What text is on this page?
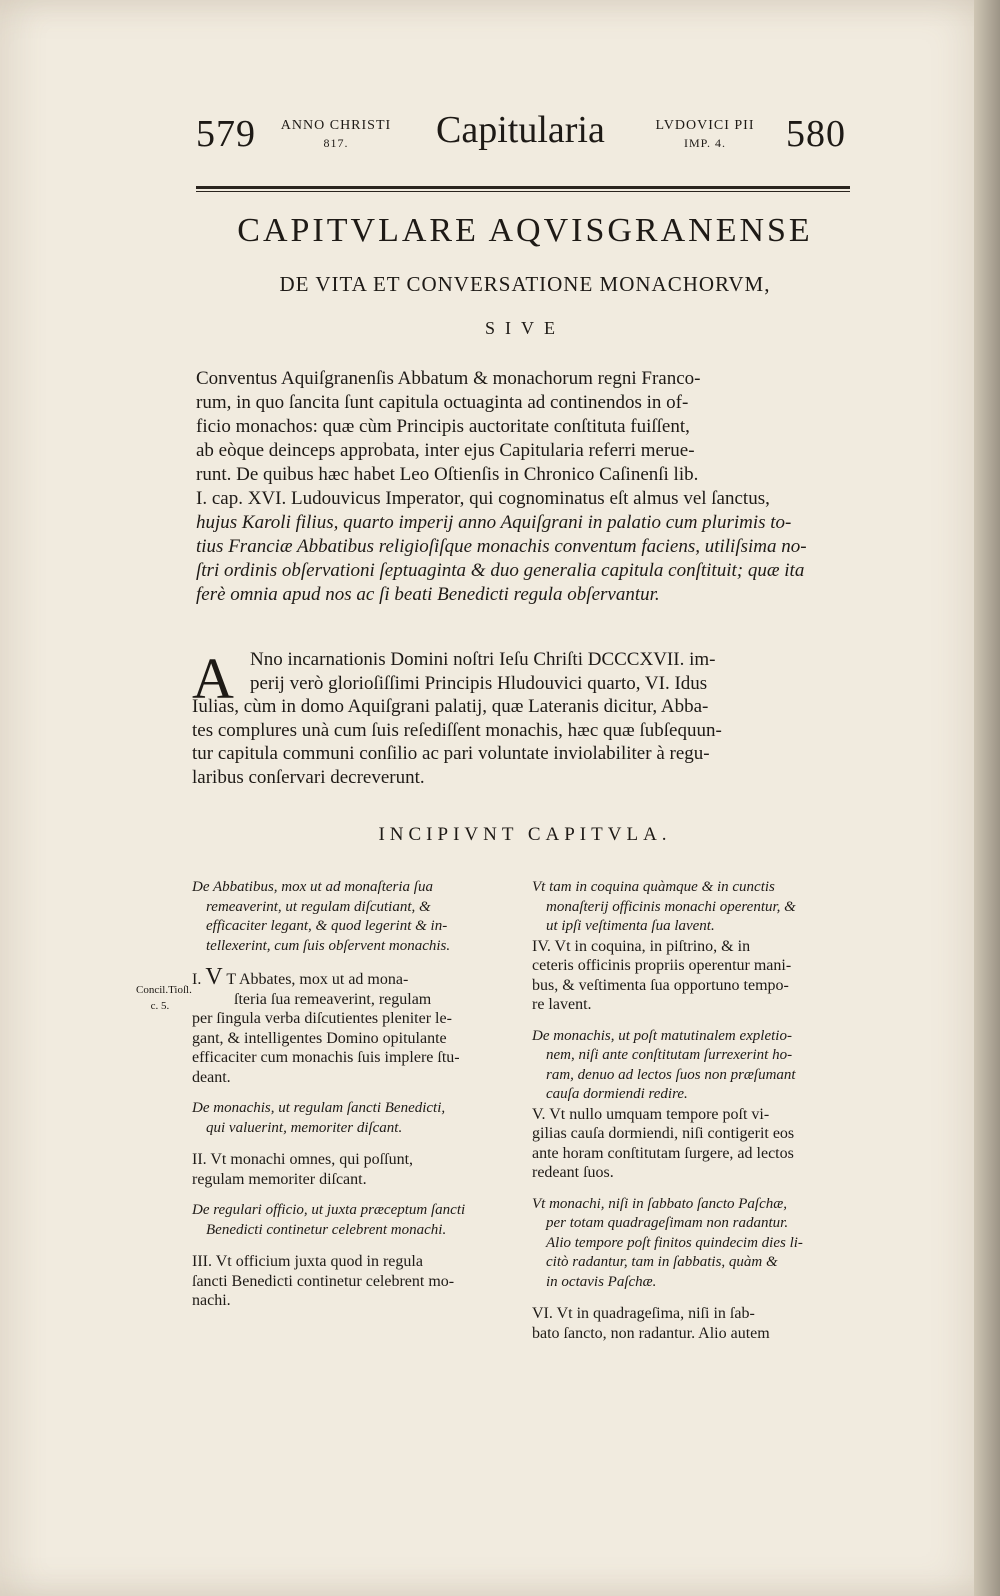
579	ANNO CHRISTI
817.	Capitularia	LVDOVICI PII
IMP. 4.	580
CAPITVLARE AQVISGRANENSE
DE VITA ET CONVERSATIONE MONACHORVM,
SIVE
Conventus Aquiſgranenſis Abbatum & monachorum regni Franco-
rum, in quo ſancita ſunt capitula octuaginta ad continendos in of-
ficio monachos: quæ cùm Principis auctoritate conſtituta fuiſſent,
ab eòque deinceps approbata, inter ejus Capitularia referri merue-
runt. De quibus hæc habet Leo Oſtienſis in Chronico Caſinenſi lib.
I. cap. XVI. Ludouvicus Imperator, qui cognominatus eſt almus vel ſanctus,
hujus Karoli filius, quarto imperij anno Aquiſgrani in palatio cum plurimis to-
tius Franciæ Abbatibus religioſiſque monachis conventum faciens, utiliſsima no-
ſtri ordinis obſervationi ſeptuaginta & duo generalia capitula conſtituit; quæ ita
ferè omnia apud nos ac ſi beati Benedicti regula obſervantur.
A Nno incarnationis Domini noſtri Ieſu Chriſti DCCCXVII. im-
perij verò glorioſiſſimi Principis Hludouvici quarto, VI. Idus
Iulias, cùm in domo Aquiſgrani palatij, quæ Lateranis dicitur, Abba-
tes complures unà cum ſuis reſediſſent monachis, hæc quæ ſubſequun-
tur capitula communi conſilio ac pari voluntate inviolabiliter à regu-
laribus conſervari decreverunt.
INCIPIVNT CAPITVLA.
Concil.Tioſl. c. 5.
De Abbatibus, mox ut ad monaſteria ſua
remeaverint, ut regulam diſcutiant, &
efficaciter legant, & quod legerint & in-
tellexerint, cum ſuis obſervent monachis.
I. V T Abbates, mox ut ad mona-
ſteria ſua remeaverint, regulam
per ſingula verba diſcutientes pleniter le-
gant, & intelligentes Domino opitulante
efficaciter cum monachis ſuis implere ſtu-
deant.
De monachis, ut regulam ſancti Benedicti,
qui valuerint, memoriter diſcant.
II. Vt monachi omnes, qui poſſunt,
regulam memoriter diſcant.
De regulari officio, ut juxta præceptum ſancti
Benedicti continetur celebrent monachi.
III. Vt officium juxta quod in regula
ſancti Benedicti continetur celebrent mo-
nachi.
Vt tam in coquina quàmque & in cunctis
monaſterij officinis monachi operentur, &
ut ipſi veſtimenta ſua lavent.
IV. Vt in coquina, in piſtrino, & in
ceteris officinis propriis operentur mani-
bus, & veſtimenta ſua opportuno tempo-
re lavent.
De monachis, ut poſt matutinalem expletio-
nem, niſi ante conſtitutam ſurrexerint ho-
ram, denuo ad lectos ſuos non præſumant
cauſa dormiendi redire.
V. Vt nullo umquam tempore poſt vi-
gilias cauſa dormiendi, niſi contigerit eos
ante horam conſtitutam ſurgere, ad lectos
redeant ſuos.
Vt monachi, niſi in ſabbato ſancto Paſchæ,
per totam quadrageſimam non radantur.
Alio tempore poſt finitos quindecim dies li-
citò radantur, tam in ſabbatis, quàm &
in octavis Paſchæ.
VI. Vt in quadrageſima, niſi in ſab-
bato ſancto, non radantur. Alio autem
